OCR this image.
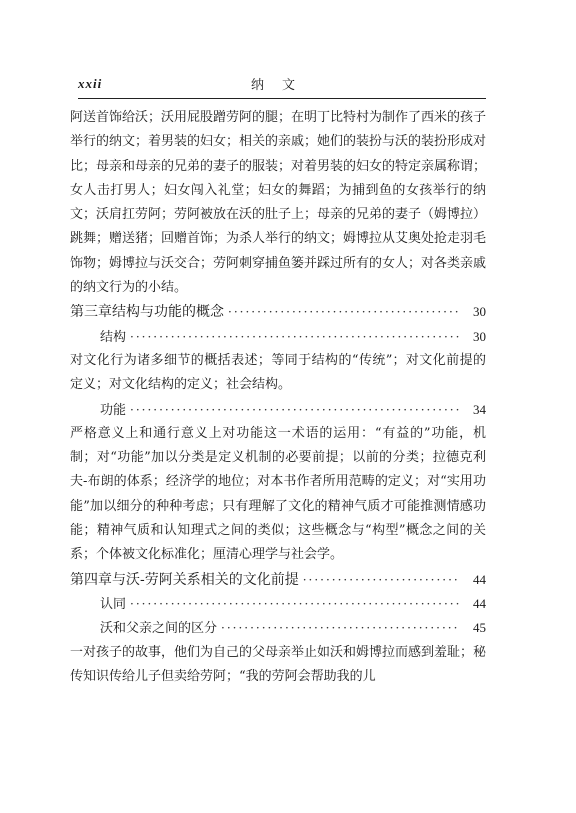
xxii	纳文

阿送首饰给沃；沃用屁股蹭劳阿的腿；在明丁比特村为制作了西米的孩子举行的纳文；着男装的妇女；相关的亲戚；她们的装扮与沃的装扮形成对比；母亲和母亲的兄弟的妻子的服装；对着男装的妇女的特定亲属称谓；女人击打男人；妇女闯入礼堂；妇女的舞蹈；为捕到鱼的女孩举行的纳文；沃肩扛劳阿；劳阿被放在沃的肚子上；母亲的兄弟的妻子（姆博拉）跳舞；赠送猪；回赠首饰；为杀人举行的纳文；姆博拉从艾奥处抢走羽毛饰物；姆博拉与沃交合；劳阿刺穿捕鱼篓并踩过所有的女人；对各类亲戚的纳文行为的小结。

第三章 结构与功能的概念 ·····	30
结构 ·····	30

对文化行为诸多细节的概括表述；等同于结构的“传统”；对文化前提的定义；对文化结构的定义；社会结构。

功能 ·····	34

严格意义上和通行意义上对功能这一术语的运用：“有益的”功能，机制；对“功能”加以分类是定义机制的必要前提；以前的分类；拉德克利夫-布朗的体系；经济学的地位；对本书作者所用范畴的定义；对“实用功能”加以细分的种种考虑；只有理解了文化的精神气质才可能推测情感功能；精神气质和认知理式之间的类似；这些概念与“构型”概念之间的关系；个体被文化标准化；厘清心理学与社会学。

第四章 与沃-劳阿关系相关的文化前提 ·····	44
认同 ·····	44
沃和父亲之间的区分 ·····	45

一对孩子的故事，他们为自己的父母亲举止如沃和姆博拉而感到羞耻；秘传知识传给儿子但卖给劳阿；“我的劳阿会帮助我的儿
